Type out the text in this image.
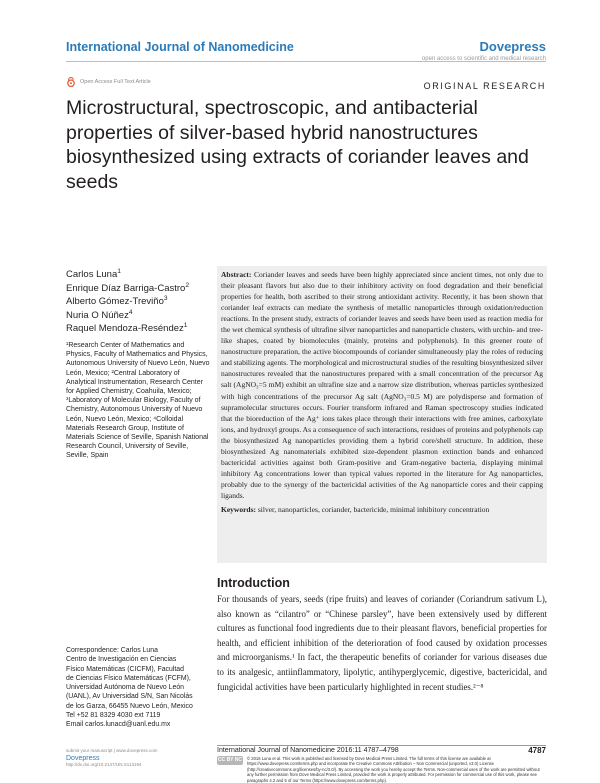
International Journal of Nanomedicine	Dovepress
open access to scientific and medical research
Open Access Full Text Article	ORIGINAL RESEARCH
Microstructural, spectroscopic, and antibacterial properties of silver-based hybrid nanostructures biosynthesized using extracts of coriander leaves and seeds
Carlos Luna$^1$
Enrique Díaz Barriga-Castro$^2$
Alberto Gómez-Treviño$^3$
Nuria O Núñez$^4$
Raquel Mendoza-Reséndez$^1$
¹Research Center of Mathematics and Physics, Faculty of Mathematics and Physics, Autonomous University of Nuevo León, Nuevo León, Mexico; ²Central Laboratory of Analytical Instrumentation, Research Center for Applied Chemistry, Coahuila, Mexico; ³Laboratory of Molecular Biology, Faculty of Chemistry, Autonomous University of Nuevo León, Nuevo León, Mexico; ⁴Colloidal Materials Research Group, Institute of Materials Science of Seville, Spanish National Research Council, University of Seville, Seville, Spain

Abstract: Coriander leaves and seeds have been highly appreciated since ancient times, not only due to their pleasant flavors but also due to their inhibitory activity on food degradation and their beneficial properties for health, both ascribed to their strong antioxidant activity. Recently, it has been shown that coriander leaf extracts can mediate the synthesis of metallic nanoparticles through oxidation/reduction reactions. In the present study, extracts of coriander leaves and seeds have been used as reaction media for the wet chemical synthesis of ultrafine silver nanoparticles and nanoparticle clusters, with urchin- and tree-like shapes, coated by biomolecules (mainly, proteins and polyphenols). In this greener route of nanostructure preparation, the active biocompounds of coriander simultaneously play the roles of reducing and stabilizing agents. The morphological and microstructural studies of the resulting biosynthesized silver nanostructures revealed that the nanostructures prepared with a small concentration of the precursor Ag salt (AgNO₃=5 mM) exhibit an ultrafine size and a narrow size distribution, whereas particles synthesized with high concentrations of the precursor Ag salt (AgNO₃=0.5 M) are polydisperse and formation of supramolecular structures occurs. Fourier transform infrared and Raman spectroscopy studies indicated that the bioreduction of the Ag⁺ ions takes place through their interactions with free amines, carboxylate ions, and hydroxyl groups. As a consequence of such interactions, residues of proteins and polyphenols cap the biosynthesized Ag nanoparticles providing them a hybrid core/shell structure. In addition, these biosynthesized Ag nanomaterials exhibited size-dependent plasmon extinction bands and enhanced bactericidal activities against both Gram-positive and Gram-negative bacteria, displaying minimal inhibitory Ag concentrations lower than typical values reported in the literature for Ag nanoparticles, probably due to the synergy of the bactericidal activities of the Ag nanoparticle cores and their capping ligands.

Keywords: silver, nanoparticles, coriander, bactericide, minimal inhibitory concentration

Introduction
For thousands of years, seeds (ripe fruits) and leaves of coriander (Coriandrum sativum L), also known as “cilantro” or “Chinese parsley”, have been extensively used by different cultures as functional food ingredients due to their pleasant flavors, beneficial properties for health, and efficient inhibition of the deterioration of food caused by oxidation processes and microorganisms.¹ In fact, the therapeutic benefits of coriander for various diseases due to its analgesic, antiinflammatory, lipolytic, antihyperglycemic, digestive, bactericidal, and fungicidal activities have been particularly highlighted in recent studies.²⁻⁸
Correspondence: Carlos Luna
Centro de Investigación en Ciencias
Físico Matemáticas (CICFM), Facultad
de Ciencias Físico Matemáticas (FCFM),
Universidad Autónoma de Nuevo León
(UANL), Av Universidad S/N, San Nicolás
de los Garza, 66455 Nuevo León, Mexico
Tel +52 81 8329 4030 ext 7119
Email carlos.lunacd@uanl.edu.mx
submit your manuscript | www.dovepress.com
Dovepress
http://dx.doi.org/10.2147/IJN.S113194
International Journal of Nanomedicine 2016:11 4787–4798	4787
CC BY NC © 2016 Luna et al. This work is published and licensed by Dove Medical Press Limited. The full terms of this license are available at https://www.dovepress.com/terms.php and incorporate the Creative Commons Attribution – Non Commercial (unported, v3.0) License (http://creativecommons.org/licenses/by-nc/3.0/). By accessing the work you hereby accept the Terms. Non-commercial uses of the work are permitted without any further permission from Dove Medical Press Limited, provided the work is properly attributed. For permission for commercial use of this work, please see paragraphs 4.2 and 5 of our Terms (https://www.dovepress.com/terms.php).
